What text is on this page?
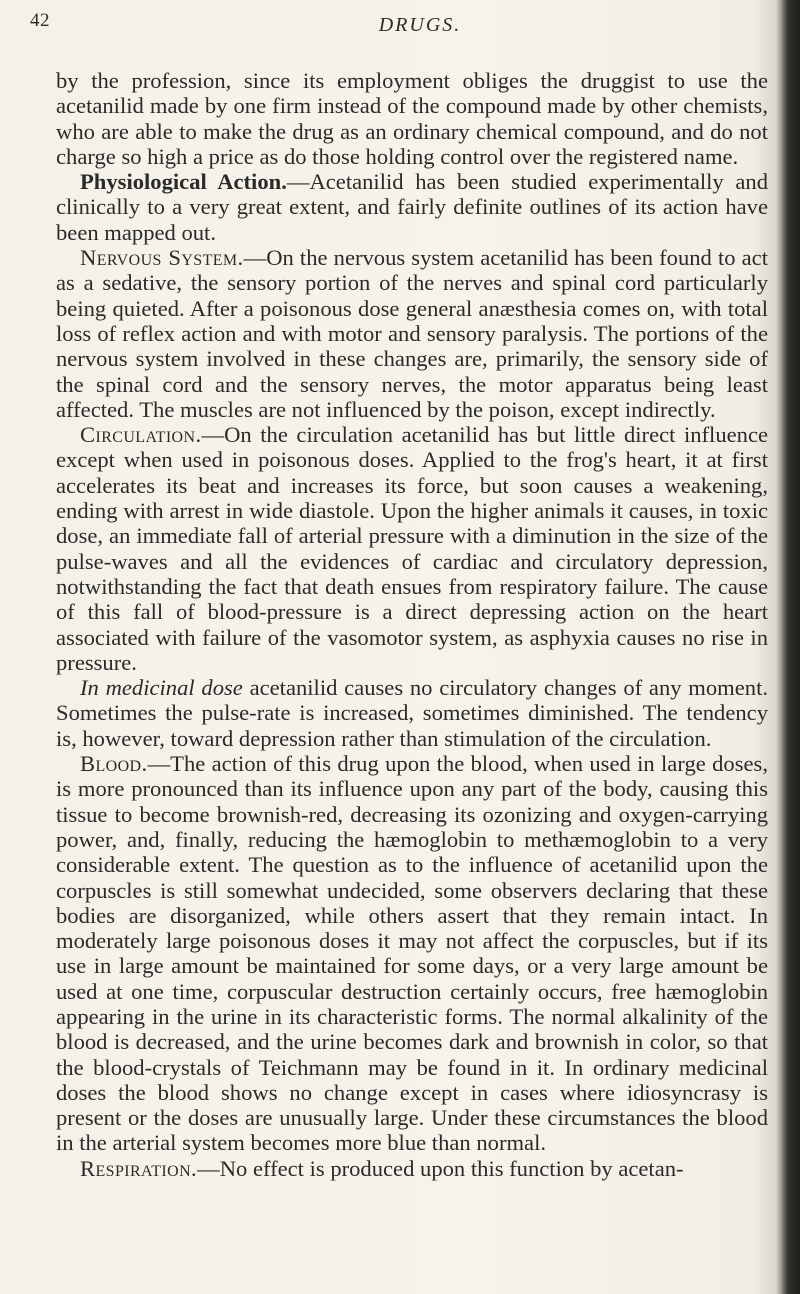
42	DRUGS.

by the profession, since its employment obliges the druggist to use the acetanilid made by one firm instead of the compound made by other chemists, who are able to make the drug as an ordinary chemical compound, and do not charge so high a price as do those holding control over the registered name.

Physiological Action.—Acetanilid has been studied experimentally and clinically to a very great extent, and fairly definite outlines of its action have been mapped out.

Nervous System.—On the nervous system acetanilid has been found to act as a sedative, the sensory portion of the nerves and spinal cord particularly being quieted. After a poisonous dose general anæsthesia comes on, with total loss of reflex action and with motor and sensory paralysis. The portions of the nervous system involved in these changes are, primarily, the sensory side of the spinal cord and the sensory nerves, the motor apparatus being least affected. The muscles are not influenced by the poison, except indirectly.

Circulation.—On the circulation acetanilid has but little direct influence except when used in poisonous doses. Applied to the frog's heart, it at first accelerates its beat and increases its force, but soon causes a weakening, ending with arrest in wide diastole. Upon the higher animals it causes, in toxic dose, an immediate fall of arterial pressure with a diminution in the size of the pulse-waves and all the evidences of cardiac and circulatory depression, notwithstanding the fact that death ensues from respiratory failure. The cause of this fall of blood-pressure is a direct depressing action on the heart associated with failure of the vasomotor system, as asphyxia causes no rise in pressure.

In medicinal dose acetanilid causes no circulatory changes of any moment. Sometimes the pulse-rate is increased, sometimes diminished. The tendency is, however, toward depression rather than stimulation of the circulation.

Blood.—The action of this drug upon the blood, when used in large doses, is more pronounced than its influence upon any part of the body, causing this tissue to become brownish-red, decreasing its ozonizing and oxygen-carrying power, and, finally, reducing the hæmoglobin to methæmoglobin to a very considerable extent. The question as to the influence of acetanilid upon the corpuscles is still somewhat undecided, some observers declaring that these bodies are disorganized, while others assert that they remain intact. In moderately large poisonous doses it may not affect the corpuscles, but if its use in large amount be maintained for some days, or a very large amount be used at one time, corpuscular destruction certainly occurs, free hæmoglobin appearing in the urine in its characteristic forms. The normal alkalinity of the blood is decreased, and the urine becomes dark and brownish in color, so that the blood-crystals of Teichmann may be found in it. In ordinary medicinal doses the blood shows no change except in cases where idiosyncrasy is present or the doses are unusually large. Under these circumstances the blood in the arterial system becomes more blue than normal.

Respiration.—No effect is produced upon this function by acetan-
